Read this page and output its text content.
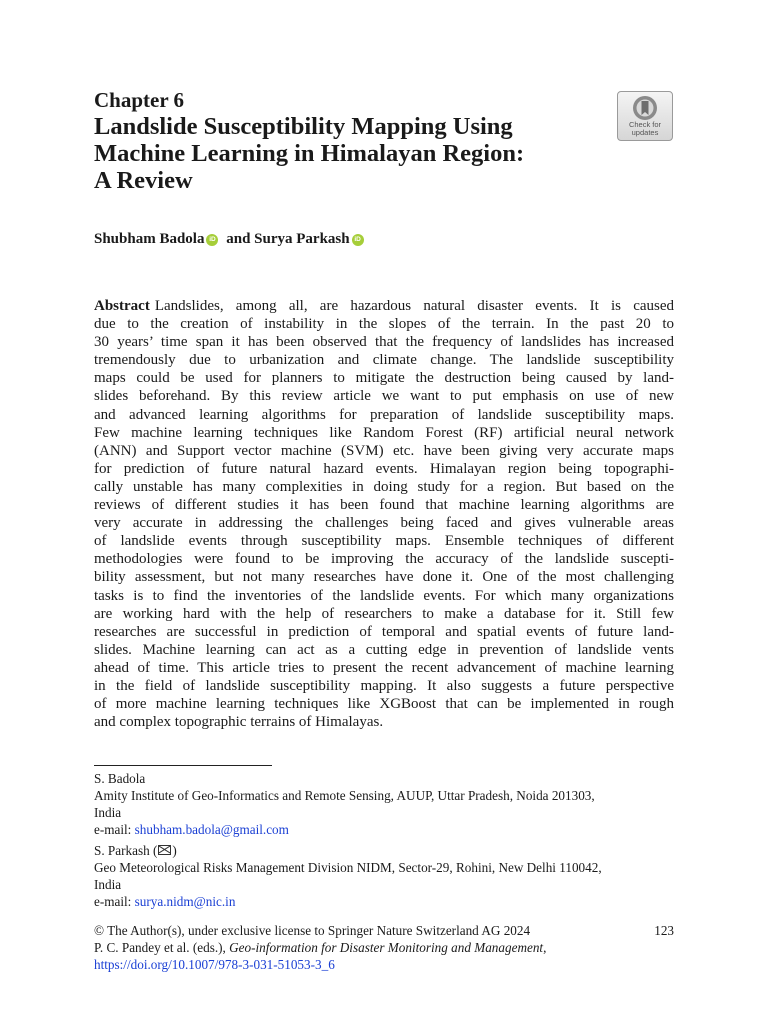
Chapter 6
Landslide Susceptibility Mapping Using
Machine Learning in Himalayan Region:
A Review
Check for
updates
Shubham Badola iD and Surya Parkash iD
Abstract Landslides, among all, are hazardous natural disaster events. It is caused
due to the creation of instability in the slopes of the terrain. In the past 20 to
30 years’ time span it has been observed that the frequency of landslides has increased
tremendously due to urbanization and climate change. The landslide susceptibility
maps could be used for planners to mitigate the destruction being caused by land-
slides beforehand. By this review article we want to put emphasis on use of new
and advanced learning algorithms for preparation of landslide susceptibility maps.
Few machine learning techniques like Random Forest (RF) artificial neural network
(ANN) and Support vector machine (SVM) etc. have been giving very accurate maps
for prediction of future natural hazard events. Himalayan region being topographi-
cally unstable has many complexities in doing study for a region. But based on the
reviews of different studies it has been found that machine learning algorithms are
very accurate in addressing the challenges being faced and gives vulnerable areas
of landslide events through susceptibility maps. Ensemble techniques of different
methodologies were found to be improving the accuracy of the landslide suscepti-
bility assessment, but not many researches have done it. One of the most challenging
tasks is to find the inventories of the landslide events. For which many organizations
are working hard with the help of researchers to make a database for it. Still few
researches are successful in prediction of temporal and spatial events of future land-
slides. Machine learning can act as a cutting edge in prevention of landslide vents
ahead of time. This article tries to present the recent advancement of machine learning
in the field of landslide susceptibility mapping. It also suggests a future perspective
of more machine learning techniques like XGBoost that can be implemented in rough
and complex topographic terrains of Himalayas.
S. Badola
Amity Institute of Geo-Informatics and Remote Sensing, AUUP, Uttar Pradesh, Noida 201303,
India
e-mail: shubham.badola@gmail.com
S. Parkash ( )
Geo Meteorological Risks Management Division NIDM, Sector-29, Rohini, New Delhi 110042,
India
e-mail: surya.nidm@nic.in
© The Author(s), under exclusive license to Springer Nature Switzerland AG 2024	123
P. C. Pandey et al. (eds.), Geo-information for Disaster Monitoring and Management,
https://doi.org/10.1007/978-3-031-51053-3_6
